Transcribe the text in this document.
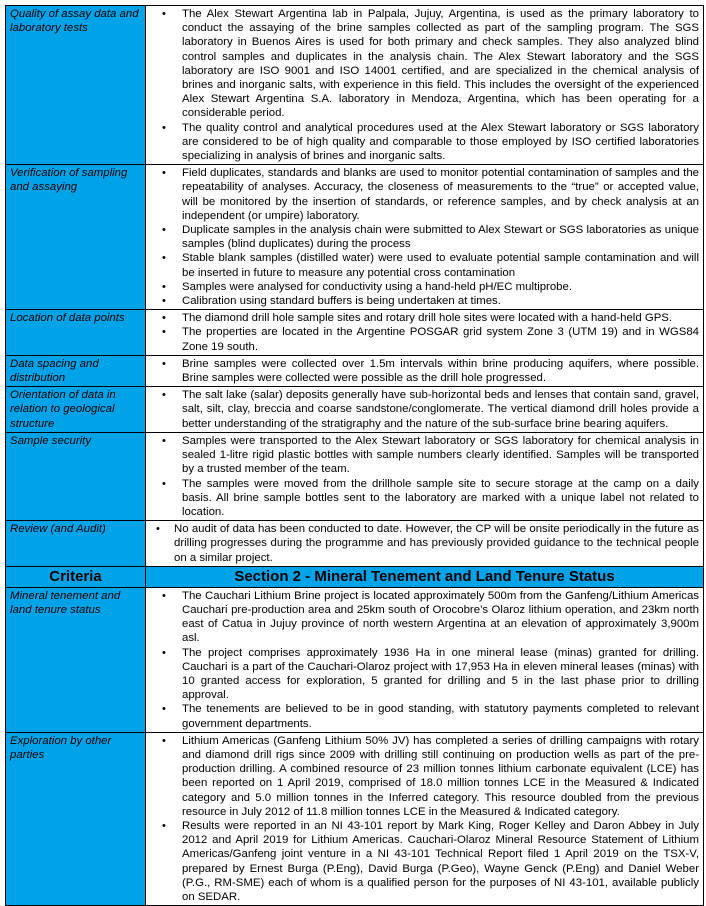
Quality of assay data and laboratory tests	
• The Alex Stewart Argentina lab in Palpala, Jujuy, Argentina, is used as the primary laboratory to conduct the assaying of the brine samples collected as part of the sampling program. The SGS laboratory in Buenos Aires is used for both primary and check samples. They also analyzed blind control samples and duplicates in the analysis chain. The Alex Stewart laboratory and the SGS laboratory are ISO 9001 and ISO 14001 certified, and are specialized in the chemical analysis of brines and inorganic salts, with experience in this field. This includes the oversight of the experienced Alex Stewart Argentina S.A. laboratory in Mendoza, Argentina, which has been operating for a considerable period.
• The quality control and analytical procedures used at the Alex Stewart laboratory or SGS laboratory are considered to be of high quality and comparable to those employed by ISO certified laboratories specializing in analysis of brines and inorganic salts.

Verification of sampling and assaying	
• Field duplicates, standards and blanks are used to monitor potential contamination of samples and the repeatability of analyses. Accuracy, the closeness of measurements to the “true” or accepted value, will be monitored by the insertion of standards, or reference samples, and by check analysis at an independent (or umpire) laboratory.
• Duplicate samples in the analysis chain were submitted to Alex Stewart or SGS laboratories as unique samples (blind duplicates) during the process
• Stable blank samples (distilled water) were used to evaluate potential sample contamination and will be inserted in future to measure any potential cross contamination
• Samples were analysed for conductivity using a hand-held pH/EC multiprobe.
• Calibration using standard buffers is being undertaken at times.

Location of data points	• The diamond drill hole sample sites and rotary drill hole sites were located with a hand-held GPS.
• The properties are located in the Argentine POSGAR grid system Zone 3 (UTM 19) and in WGS84 Zone 19 south.

Data spacing and distribution	
• Brine samples were collected over 1.5m intervals within brine producing aquifers, where possible. Brine samples were collected were possible as the drill hole progressed.

Orientation of data in relation to geological structure	
• The salt lake (salar) deposits generally have sub-horizontal beds and lenses that contain sand, gravel, salt, silt, clay, breccia and coarse sandstone/conglomerate. The vertical diamond drill holes provide a better understanding of the stratigraphy and the nature of the sub-surface brine bearing aquifers.

Sample security	• Samples were transported to the Alex Stewart laboratory or SGS laboratory for chemical analysis in sealed 1-litre rigid plastic bottles with sample numbers clearly identified. Samples will be transported by a trusted member of the team.
• The samples were moved from the drillhole sample site to secure storage at the camp on a daily basis. All brine sample bottles sent to the laboratory are marked with a unique label not related to location.

Review (and Audit)	• No audit of data has been conducted to date. However, the CP will be onsite periodically in the future as drilling progresses during the programme and has previously provided guidance to the technical people on a similar project.

Criteria	Section 2 - Mineral Tenement and Land Tenure Status
Mineral tenement and land tenure status	
• The Cauchari Lithium Brine project is located approximately 500m from the Ganfeng/Lithium Americas Cauchari pre-production area and 25km south of Orocobre’s Olaroz lithium operation, and 23km north east of Catua in Jujuy province of north western Argentina at an elevation of approximately 3,900m asl.
• The project comprises approximately 1936 Ha in one mineral lease (minas) granted for drilling. Cauchari is a part of the Cauchari-Olaroz project with 17,953 Ha in eleven mineral leases (minas) with 10 granted access for exploration, 5 granted for drilling and 5 in the last phase prior to drilling approval.
• The tenements are believed to be in good standing, with statutory payments completed to relevant government departments.

Exploration by other parties	
• Lithium Americas (Ganfeng Lithium 50% JV) has completed a series of drilling campaigns with rotary and diamond drill rigs since 2009 with drilling still continuing on production wells as part of the pre-production drilling. A combined resource of 23 million tonnes lithium carbonate equivalent (LCE) has been reported on 1 April 2019, comprised of 18.0 million tonnes LCE in the Measured & Indicated category and 5.0 million tonnes in the Inferred category. This resource doubled from the previous resource in July 2012 of 11.8 million tonnes LCE in the Measured & Indicated category.
• Results were reported in an NI 43-101 report by Mark King, Roger Kelley and Daron Abbey in July 2012 and April 2019 for Lithium Americas. Cauchari-Olaroz Mineral Resource Statement of Lithium Americas/Ganfeng joint venture in a NI 43-101 Technical Report filed 1 April 2019 on the TSX-V, prepared by Ernest Burga (P.Eng), David Burga (P.Geo), Wayne Genck (P.Eng) and Daniel Weber (P.G., RM-SME) each of whom is a qualified person for the purposes of NI 43-101, available publicly on SEDAR.
